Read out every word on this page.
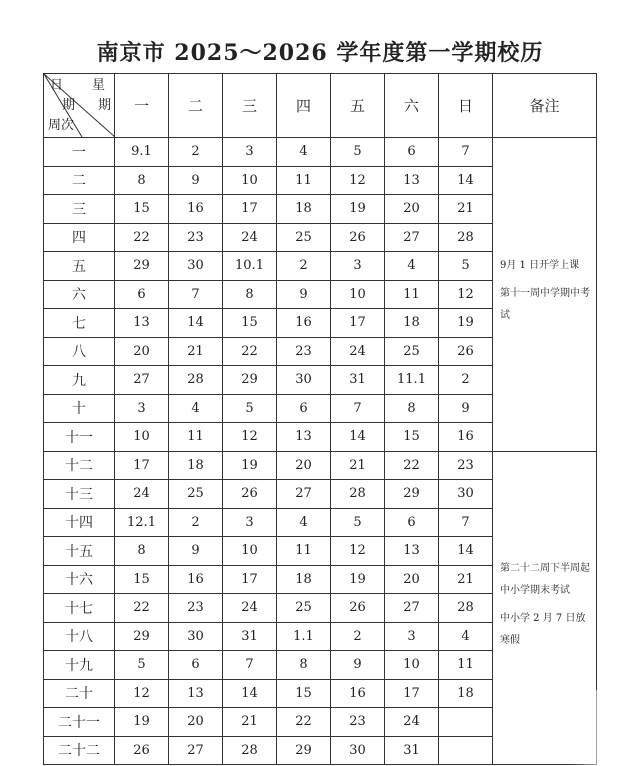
南京市 2025～2026 学年度第一学期校历
日 星
期 期
周次	一	二	三	四	五	六	日	备注
一	9.1	2	3	4	5	6	7	9月 1 日开学上课

第十一周中学期中考试

二	8	9	10	11	12	13	14	
三	15	16	17	18	19	20	21	
四	22	23	24	25	26	27	28	
五	29	30	10.1	2	3	4	5	
六	6	7	8	9	10	11	12	
七	13	14	15	16	17	18	19	
八	20	21	22	23	24	25	26	
九	27	28	29	30	31	11.1	2	
十	3	4	5	6	7	8	9	
十一	10	11	12	13	14	15	16	
十二	17	18	19	20	21	22	23	第二十二周下半周起中小学期末考试

中小学 2 月 7 日放寒假

十三	24	25	26	27	28	29	30	
十四	12.1	2	3	4	5	6	7	
十五	8	9	10	11	12	13	14	
十六	15	16	17	18	19	20	21	
十七	22	23	24	25	26	27	28	
十八	29	30	31	1.1	2	3	4	
十九	5	6	7	8	9	10	11	
二十	12	13	14	15	16	17	18	
二十一	19	20	21	22	23	24		
二十二	26	27	28	29	30	31		
